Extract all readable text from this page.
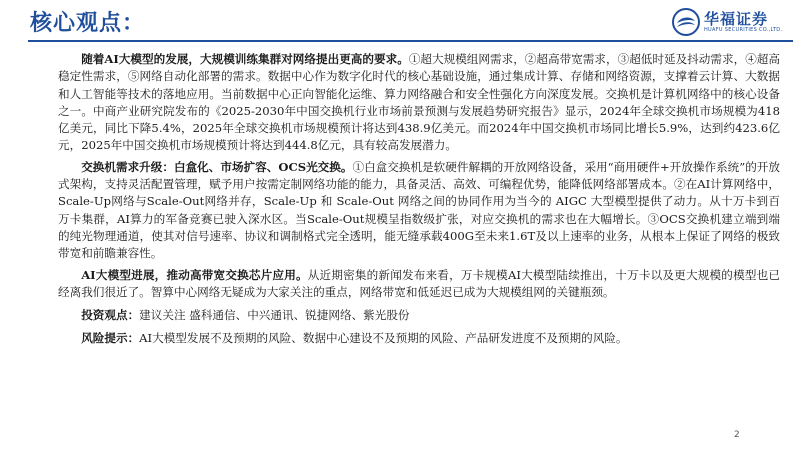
核心观点：	华福证券
HUAFU SECURITIES CO.,LTD.

随着AI大模型的发展，大规模训练集群对网络提出更高的要求。①超大规模组网需求，②超高带宽需求，③超低时延及抖动需求，④超高稳定性需求，⑤网络自动化部署的需求。数据中心作为数字化时代的核心基础设施，通过集成计算、存储和网络资源，支撑着云计算、大数据和人工智能等技术的落地应用。当前数据中心正向智能化运维、算力网络融合和安全性强化方向深度发展。交换机是计算机网络中的核心设备之一。中商产业研究院发布的《2025-2030年中国交换机行业市场前景预测与发展趋势研究报告》显示，2024年全球交换机市场规模为418亿美元，同比下降5.4%，2025年全球交换机市场规模预计将达到438.9亿美元。而2024年中国交换机市场同比增长5.9%，达到约423.6亿元，2025年中国交换机市场规模预计将达到444.8亿元，具有较高发展潜力。

交换机需求升级：白盒化、市场扩容、OCS光交换。①白盒交换机是软硬件解耦的开放网络设备，采用“商用硬件+开放操作系统”的开放式架构，支持灵活配置管理，赋予用户按需定制网络功能的能力，具备灵活、高效、可编程优势，能降低网络部署成本。②在AI计算网络中，Scale-Up网络与Scale-Out网络并存，Scale-Up 和 Scale-Out 网络之间的协同作用为当今的 AIGC 大型模型提供了动力。从十万卡到百万卡集群，AI算力的军备竞赛已驶入深水区。当Scale-Out规模呈指数级扩张，对应交换机的需求也在大幅增长。③OCS交换机建立端到端的纯光物理通道，使其对信号速率、协议和调制格式完全透明，能无缝承载400G至未来1.6T及以上速率的业务，从根本上保证了网络的极致带宽和前瞻兼容性。

AI大模型进展，推动高带宽交换芯片应用。从近期密集的新闻发布来看，万卡规模AI大模型陆续推出，十万卡以及更大规模的模型也已经离我们很近了。智算中心网络无疑成为大家关注的重点，网络带宽和低延迟已成为大规模组网的关键瓶颈。

投资观点：建议关注 盛科通信、中兴通讯、锐捷网络、紫光股份

风险提示：AI大模型发展不及预期的风险、数据中心建设不及预期的风险、产品研发进度不及预期的风险。

2
